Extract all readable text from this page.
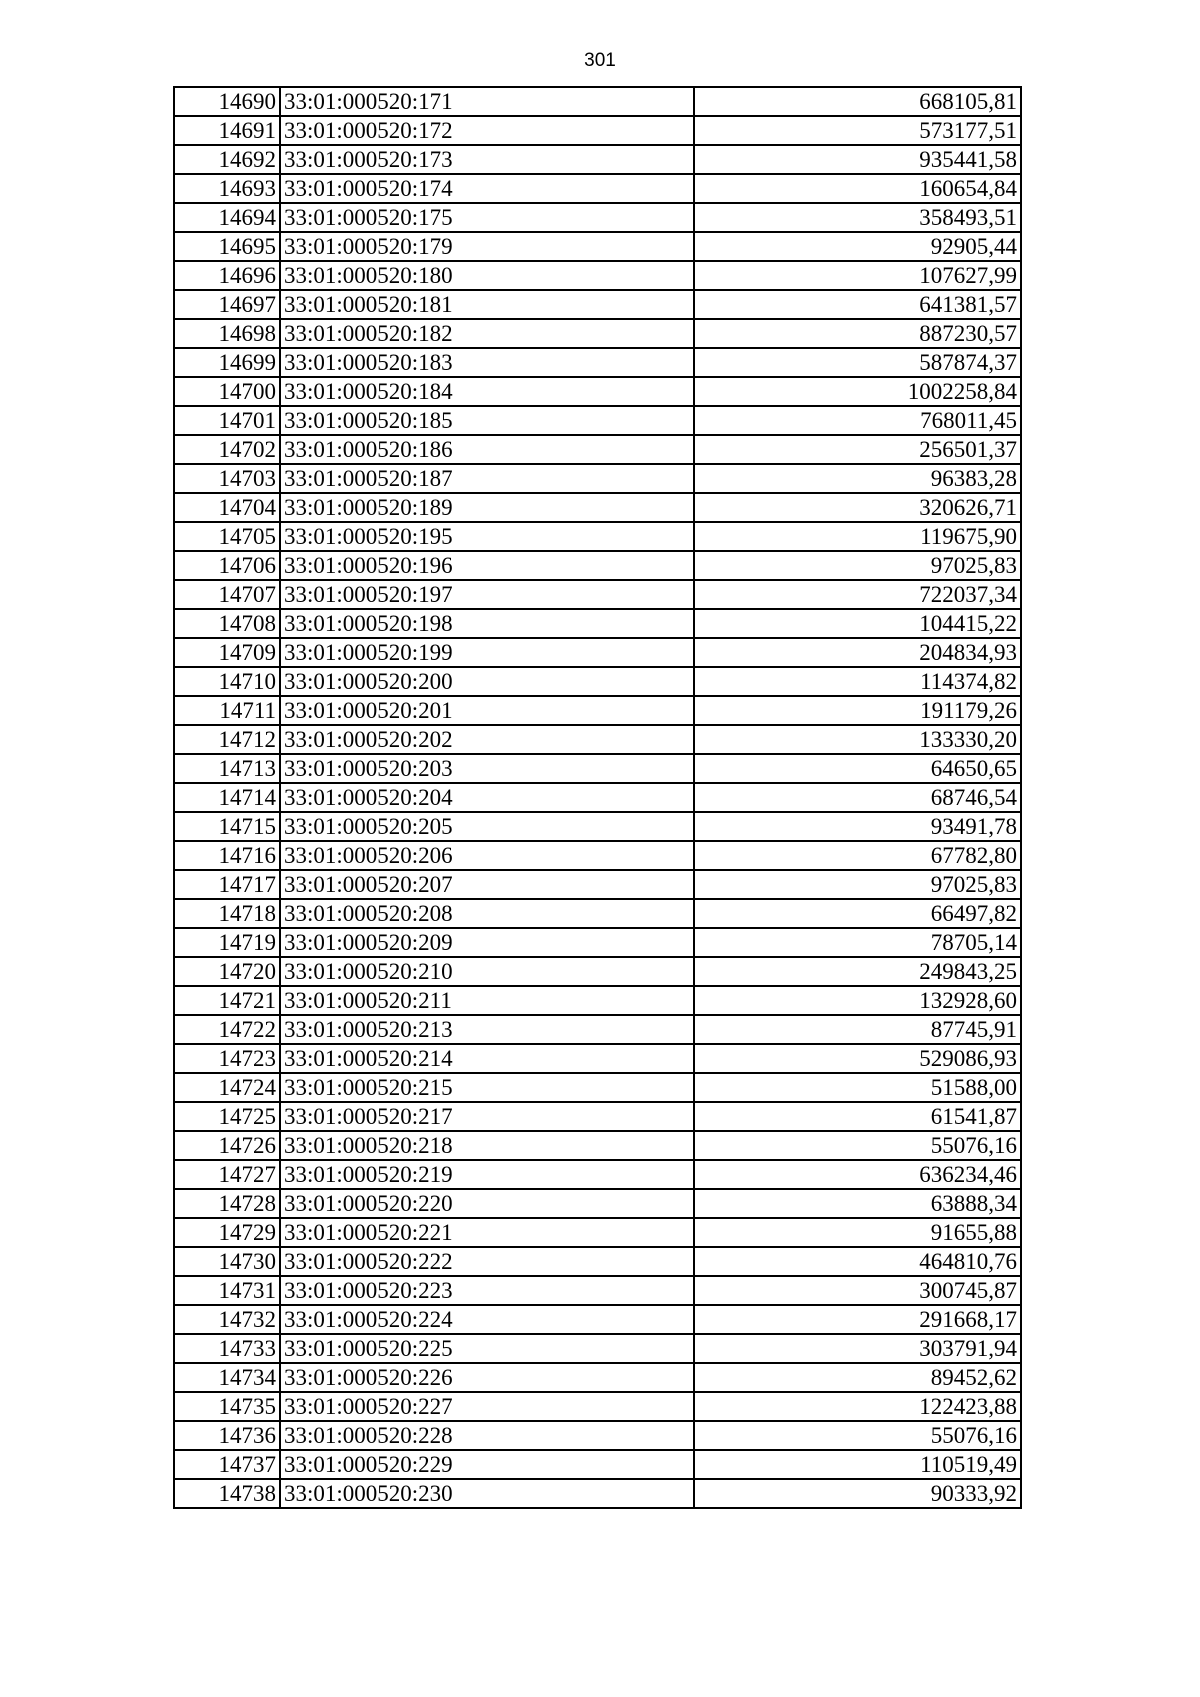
301
14690	33:01:000520:171	668105,81
14691	33:01:000520:172	573177,51
14692	33:01:000520:173	935441,58
14693	33:01:000520:174	160654,84
14694	33:01:000520:175	358493,51
14695	33:01:000520:179	92905,44
14696	33:01:000520:180	107627,99
14697	33:01:000520:181	641381,57
14698	33:01:000520:182	887230,57
14699	33:01:000520:183	587874,37
14700	33:01:000520:184	1002258,84
14701	33:01:000520:185	768011,45
14702	33:01:000520:186	256501,37
14703	33:01:000520:187	96383,28
14704	33:01:000520:189	320626,71
14705	33:01:000520:195	119675,90
14706	33:01:000520:196	97025,83
14707	33:01:000520:197	722037,34
14708	33:01:000520:198	104415,22
14709	33:01:000520:199	204834,93
14710	33:01:000520:200	114374,82
14711	33:01:000520:201	191179,26
14712	33:01:000520:202	133330,20
14713	33:01:000520:203	64650,65
14714	33:01:000520:204	68746,54
14715	33:01:000520:205	93491,78
14716	33:01:000520:206	67782,80
14717	33:01:000520:207	97025,83
14718	33:01:000520:208	66497,82
14719	33:01:000520:209	78705,14
14720	33:01:000520:210	249843,25
14721	33:01:000520:211	132928,60
14722	33:01:000520:213	87745,91
14723	33:01:000520:214	529086,93
14724	33:01:000520:215	51588,00
14725	33:01:000520:217	61541,87
14726	33:01:000520:218	55076,16
14727	33:01:000520:219	636234,46
14728	33:01:000520:220	63888,34
14729	33:01:000520:221	91655,88
14730	33:01:000520:222	464810,76
14731	33:01:000520:223	300745,87
14732	33:01:000520:224	291668,17
14733	33:01:000520:225	303791,94
14734	33:01:000520:226	89452,62
14735	33:01:000520:227	122423,88
14736	33:01:000520:228	55076,16
14737	33:01:000520:229	110519,49
14738	33:01:000520:230	90333,92
